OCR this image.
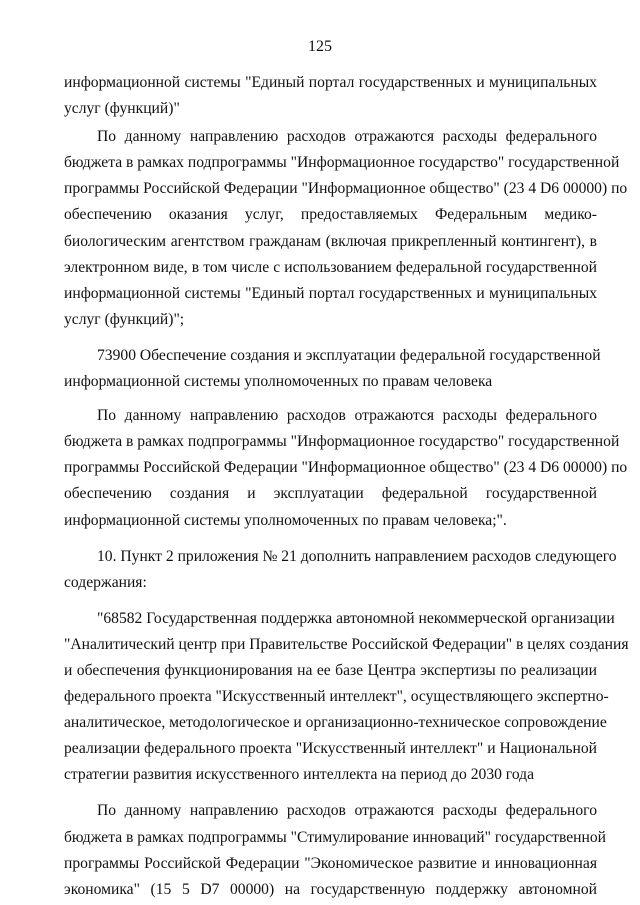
125
информационной системы "Единый портал государственных и муниципальных
услуг (функций)"
По данному направлению расходов отражаются расходы федерального
бюджета в рамках подпрограммы "Информационное государство" государственной
программы Российской Федерации "Информационное общество" (23 4 D6 00000) по
обеспечению оказания услуг, предоставляемых Федеральным медико-
биологическим агентством гражданам (включая прикрепленный контингент), в
электронном виде, в том числе с использованием федеральной государственной
информационной системы "Единый портал государственных и муниципальных
услуг (функций)";
73900 Обеспечение создания и эксплуатации федеральной государственной
информационной системы уполномоченных по правам человека
По данному направлению расходов отражаются расходы федерального
бюджета в рамках подпрограммы "Информационное государство" государственной
программы Российской Федерации "Информационное общество" (23 4 D6 00000) по
обеспечению создания и эксплуатации федеральной государственной
информационной системы уполномоченных по правам человека;".
10. Пункт 2 приложения № 21 дополнить направлением расходов следующего
содержания:
"68582 Государственная поддержка автономной некоммерческой организации
"Аналитический центр при Правительстве Российской Федерации" в целях создания
и обеспечения функционирования на ее базе Центра экспертизы по реализации
федерального проекта "Искусственный интеллект", осуществляющего экспертно-
аналитическое, методологическое и организационно-техническое сопровождение
реализации федерального проекта "Искусственный интеллект" и Национальной
стратегии развития искусственного интеллекта на период до 2030 года
По данному направлению расходов отражаются расходы федерального
бюджета в рамках подпрограммы "Стимулирование инноваций" государственной
программы Российской Федерации "Экономическое развитие и инновационная
экономика" (15 5 D7 00000) на государственную поддержку автономной
